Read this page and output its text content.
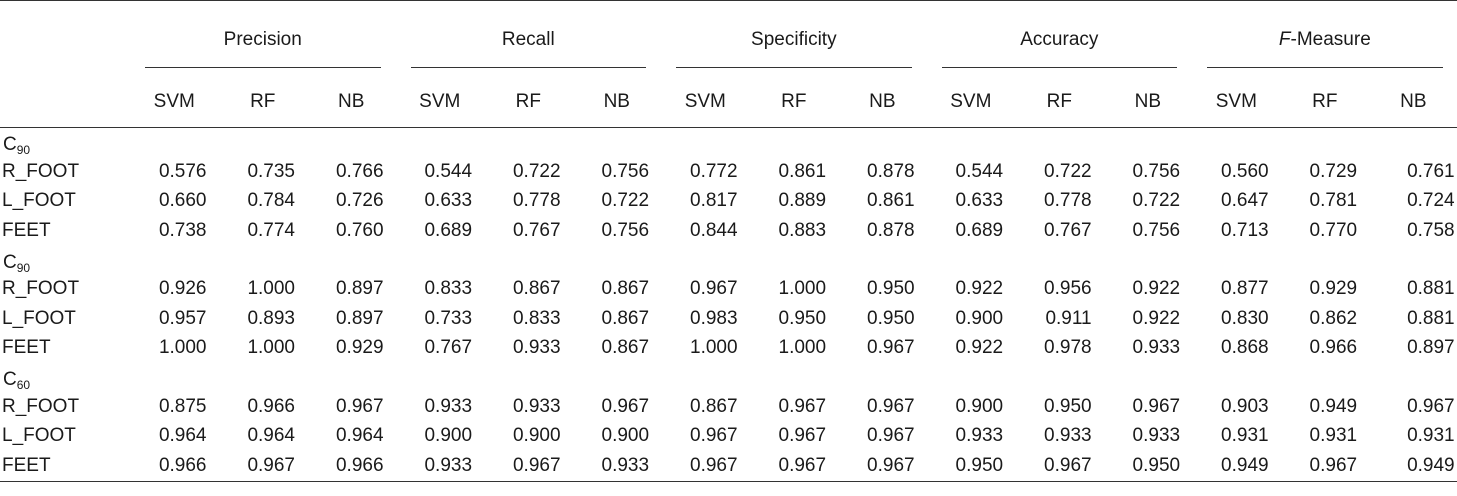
	Precision			Recall			Specificity			Accuracy			F-Measure		

	SVM	RF	NB	SVM	RF	NB	SVM	RF	NB	SVM	RF	NB	SVM	RF	NB
$C_{90}$
R_FOOT	0.576	0.735	0.766	0.544	0.722	0.756	0.772	0.861	0.878	0.544	0.722	0.756	0.560	0.729	0.761
L_FOOT	0.660	0.784	0.726	0.633	0.778	0.722	0.817	0.889	0.861	0.633	0.778	0.722	0.647	0.781	0.724
FEET	0.738	0.774	0.760	0.689	0.767	0.756	0.844	0.883	0.878	0.689	0.767	0.756	0.713	0.770	0.758
$C_{90}$
R_FOOT	0.926	1.000	0.897	0.833	0.867	0.867	0.967	1.000	0.950	0.922	0.956	0.922	0.877	0.929	0.881
L_FOOT	0.957	0.893	0.897	0.733	0.833	0.867	0.983	0.950	0.950	0.900	0.911	0.922	0.830	0.862	0.881
FEET	1.000	1.000	0.929	0.767	0.933	0.867	1.000	1.000	0.967	0.922	0.978	0.933	0.868	0.966	0.897
$C_{60}$
R_FOOT	0.875	0.966	0.967	0.933	0.933	0.967	0.867	0.967	0.967	0.900	0.950	0.967	0.903	0.949	0.967
L_FOOT	0.964	0.964	0.964	0.900	0.900	0.900	0.967	0.967	0.967	0.933	0.933	0.933	0.931	0.931	0.931
FEET	0.966	0.967	0.966	0.933	0.967	0.933	0.967	0.967	0.967	0.950	0.967	0.950	0.949	0.967	0.949
